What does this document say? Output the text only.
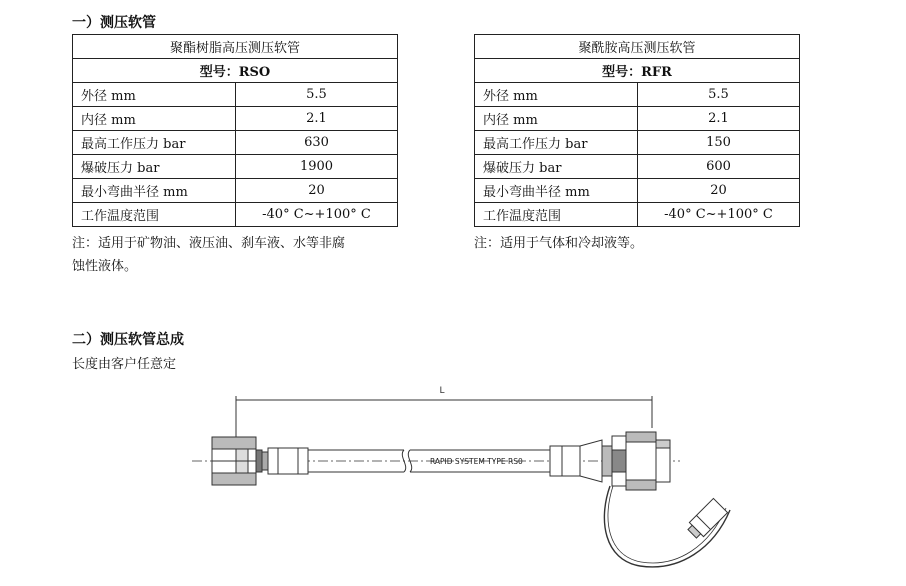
一）测压软管
聚酯树脂高压测压软管	
型号：RSO	
外径 mm	5.5
内径 mm	2.1
最高工作压力 bar	630
爆破压力 bar	1900
最小弯曲半径 mm	20
工作温度范围	-40° C~+100° C
注：适用于矿物油、液压油、刹车液、水等非腐
蚀性液体。
聚酰胺高压测压软管	
型号：RFR	
外径 mm	5.5
内径 mm	2.1
最高工作压力 bar	150
爆破压力 bar	600
最小弯曲半径 mm	20
工作温度范围	-40° C~+100° C
注：适用于气体和冷却液等。
二）测压软管总成
长度由客户任意定
L
RAPID SYSTEM TYPE RS0
